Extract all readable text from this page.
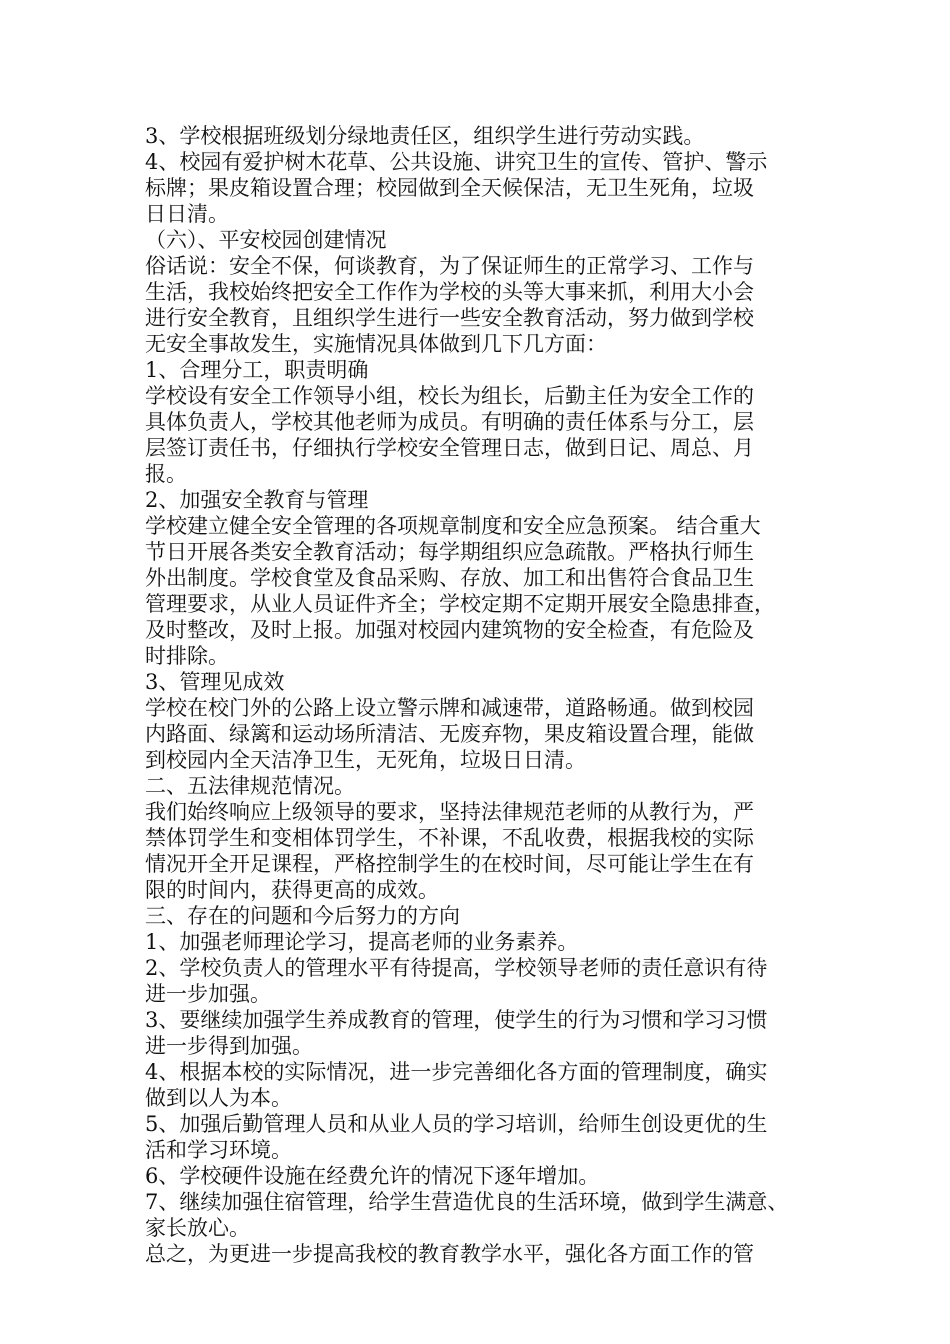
3、学校根据班级划分绿地责任区，组织学生进行劳动实践。
4、校园有爱护树木花草、公共设施、讲究卫生的宣传、管护、警示
标牌；果皮箱设置合理；校园做到全天候保洁，无卫生死角，垃圾
日日清。
（六）、平安校园创建情况
俗话说：安全不保，何谈教育，为了保证师生的正常学习、工作与
生活，我校始终把安全工作作为学校的头等大事来抓，利用大小会
进行安全教育，且组织学生进行一些安全教育活动，努力做到学校
无安全事故发生，实施情况具体做到几下几方面：
1、合理分工，职责明确
学校设有安全工作领导小组，校长为组长，后勤主任为安全工作的
具体负责人，学校其他老师为成员。有明确的责任体系与分工，层
层签订责任书，仔细执行学校安全管理日志，做到日记、周总、月
报。
2、加强安全教育与管理
学校建立健全安全管理的各项规章制度和安全应急预案。 结合重大
节日开展各类安全教育活动；每学期组织应急疏散。严格执行师生
外出制度。学校食堂及食品采购、存放、加工和出售符合食品卫生
管理要求，从业人员证件齐全；学校定期不定期开展安全隐患排查，
及时整改，及时上报。加强对校园内建筑物的安全检查，有危险及
时排除。
3、管理见成效
学校在校门外的公路上设立警示牌和减速带，道路畅通。做到校园
内路面、绿篱和运动场所清洁、无废弃物，果皮箱设置合理，能做
到校园内全天洁净卫生，无死角，垃圾日日清。
二、五法律规范情况。
我们始终响应上级领导的要求，坚持法律规范老师的从教行为，严
禁体罚学生和变相体罚学生，不补课，不乱收费，根据我校的实际
情况开全开足课程，严格控制学生的在校时间，尽可能让学生在有
限的时间内，获得更高的成效。
三、存在的问题和今后努力的方向
1、加强老师理论学习，提高老师的业务素养。
2、学校负责人的管理水平有待提高，学校领导老师的责任意识有待
进一步加强。
3、要继续加强学生养成教育的管理，使学生的行为习惯和学习习惯
进一步得到加强。
4、根据本校的实际情况，进一步完善细化各方面的管理制度，确实
做到以人为本。
5、加强后勤管理人员和从业人员的学习培训，给师生创设更优的生
活和学习环境。
6、学校硬件设施在经费允许的情况下逐年增加。
7、继续加强住宿管理，给学生营造优良的生活环境，做到学生满意、
家长放心。
总之，为更进一步提高我校的教育教学水平，强化各方面工作的管
